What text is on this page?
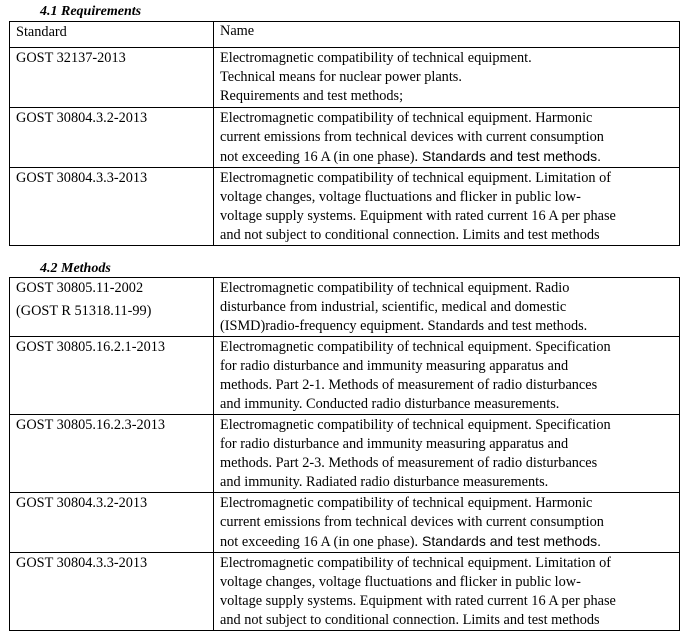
4.1 Requirements
Standard	Name
GOST 32137-2013	Electromagnetic compatibility of technical equipment.
Technical means for nuclear power plants.
Requirements and test methods;

GOST 30804.3.2-2013	Electromagnetic compatibility of technical equipment. Harmonic
current emissions from technical devices with current consumption
not exceeding 16 A (in one phase). Standards and test methods.

GOST 30804.3.3-2013	Electromagnetic compatibility of technical equipment. Limitation of
voltage changes, voltage fluctuations and flicker in public low-
voltage supply systems. Equipment with rated current 16 A per phase
and not subject to conditional connection. Limits and test methods
4.2 Methods
GOST 30805.11-2002
(GOST R 51318.11-99)	Electromagnetic compatibility of technical equipment. Radio
disturbance from industrial, scientific, medical and domestic
(ISMD)radio-frequency equipment. Standards and test methods.

GOST 30805.16.2.1-2013	Electromagnetic compatibility of technical equipment. Specification
for radio disturbance and immunity measuring apparatus and
methods. Part 2-1. Methods of measurement of radio disturbances
and immunity. Conducted radio disturbance measurements.

GOST 30805.16.2.3-2013	Electromagnetic compatibility of technical equipment. Specification
for radio disturbance and immunity measuring apparatus and
methods. Part 2-3. Methods of measurement of radio disturbances
and immunity. Radiated radio disturbance measurements.

GOST 30804.3.2-2013	Electromagnetic compatibility of technical equipment. Harmonic
current emissions from technical devices with current consumption
not exceeding 16 A (in one phase). Standards and test methods.

GOST 30804.3.3-2013	Electromagnetic compatibility of technical equipment. Limitation of
voltage changes, voltage fluctuations and flicker in public low-
voltage supply systems. Equipment with rated current 16 A per phase
and not subject to conditional connection. Limits and test methods
